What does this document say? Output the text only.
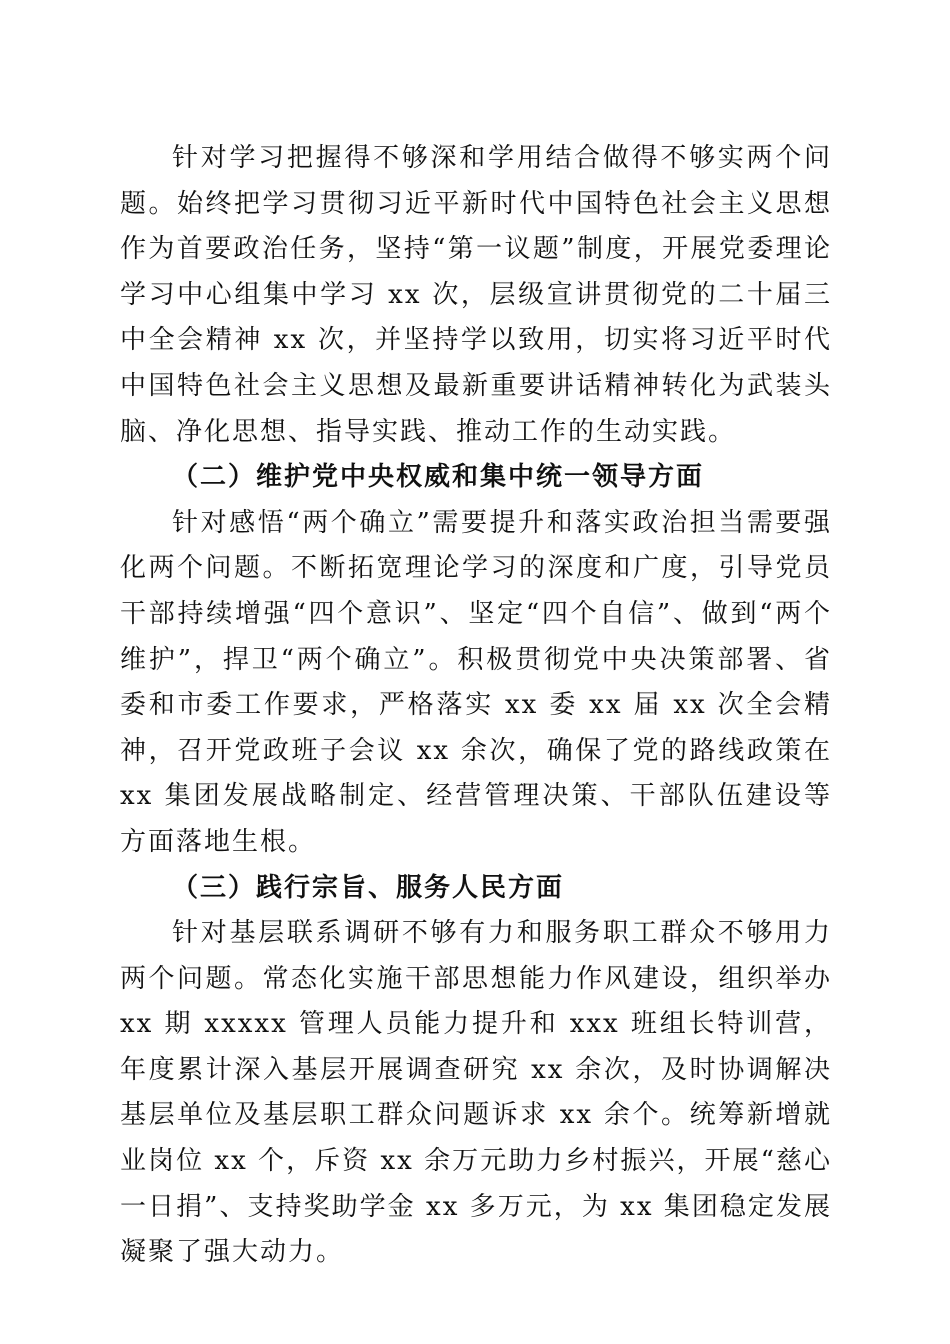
针对学习把握得不够深和学用结合做得不够实两个问题。始终把学习贯彻习近平新时代中国特色社会主义思想作为首要政治任务，坚持“第一议题”制度，开展党委理论学习中心组集中学习 xx 次，层级宣讲贯彻党的二十届三中全会精神 xx 次，并坚持学以致用，切实将习近平时代中国特色社会主义思想及最新重要讲话精神转化为武装头脑、净化思想、指导实践、推动工作的生动实践。

（二）维护党中央权威和集中统一领导方面

针对感悟“两个确立”需要提升和落实政治担当需要强化两个问题。不断拓宽理论学习的深度和广度，引导党员干部持续增强“四个意识”、坚定“四个自信”、做到“两个维护”，捍卫“两个确立”。积极贯彻党中央决策部署、省委和市委工作要求，严格落实 xx 委 xx 届 xx 次全会精神，召开党政班子会议 xx 余次，确保了党的路线政策在 xx 集团发展战略制定、经营管理决策、干部队伍建设等方面落地生根。

（三）践行宗旨、服务人民方面

针对基层联系调研不够有力和服务职工群众不够用力两个问题。常态化实施干部思想能力作风建设，组织举办 xx 期 xxxxx 管理人员能力提升和 xxx 班组长特训营，年度累计深入基层开展调查研究 xx 余次，及时协调解决基层单位及基层职工群众问题诉求 xx 余个。统筹新增就业岗位 xx 个，斥资 xx 余万元助力乡村振兴，开展“慈心一日捐”、支持奖助学金 xx 多万元，为 xx 集团稳定发展凝聚了强大动力。
